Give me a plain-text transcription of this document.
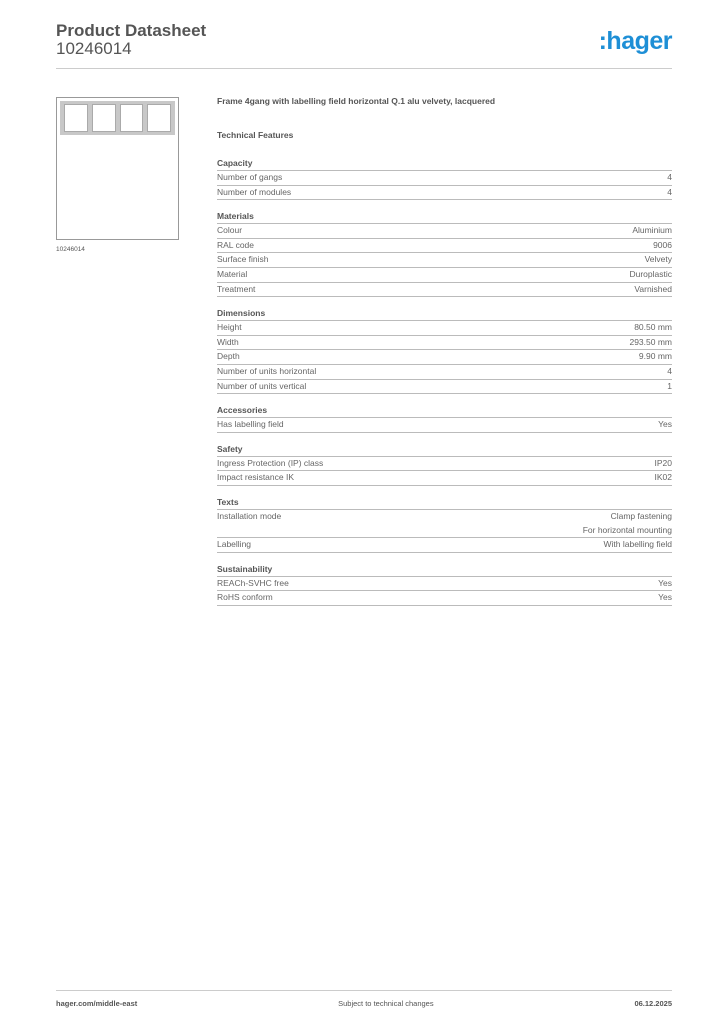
Product Datasheet
10246014	:hager
10246014
Frame 4gang with labelling field horizontal Q.1 alu velvety, lacquered
Technical Features
Capacity
Number of gangs	4
Number of modules	4
Materials
Colour	Aluminium
RAL code	9006
Surface finish	Velvety
Material	Duroplastic
Treatment	Varnished
Dimensions
Height	80.50 mm
Width	293.50 mm
Depth	9.90 mm
Number of units horizontal	4
Number of units vertical	1
Accessories
Has labelling field	Yes
Safety
Ingress Protection (IP) class	IP20
Impact resistance IK	IK02
Texts
Installation mode	Clamp fastening
For horizontal mounting
Labelling	With labelling field
Sustainability
REACh-SVHC free	Yes
RoHS conform	Yes
hager.com/middle-east	Subject to technical changes	06.12.2025
